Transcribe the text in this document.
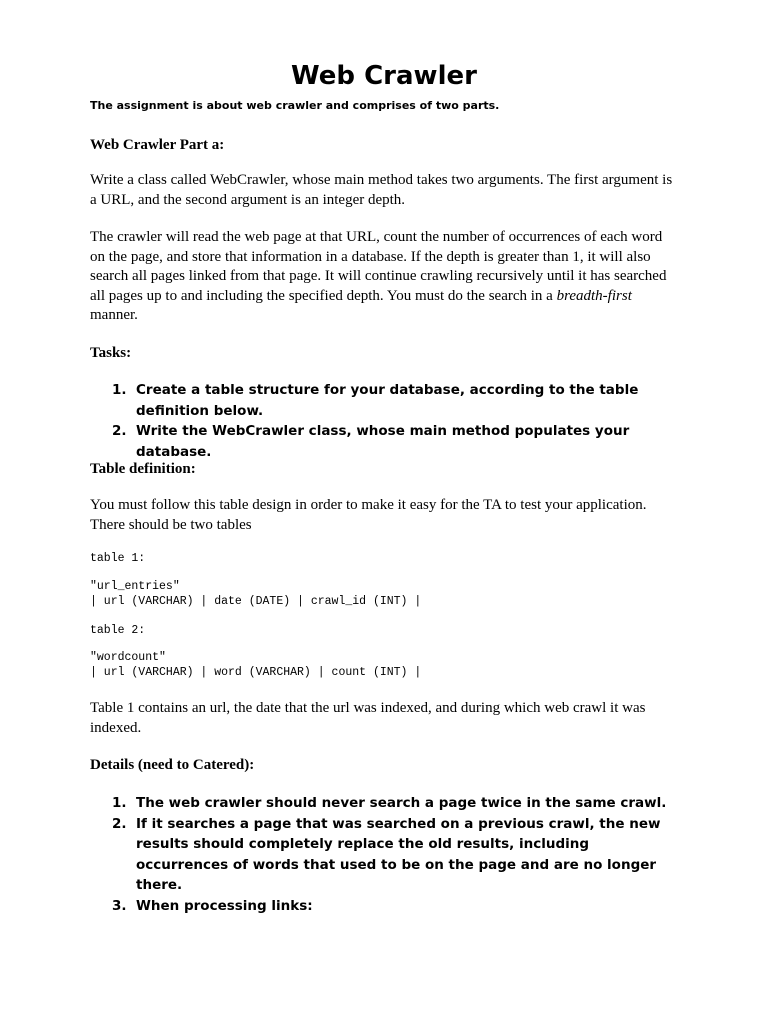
Web Crawler

The assignment is about web crawler and comprises of two parts.

Web Crawler Part a:

Write a class called WebCrawler, whose main method takes two arguments. The first argument is a URL, and the second argument is an integer depth.

The crawler will read the web page at that URL, count the number of occurrences of each word on the page, and store that information in a database. If the depth is greater than 1, it will also search all pages linked from that page. It will continue crawling recursively until it has searched all pages up to and including the specified depth. You must do the search in a breadth-first manner.

Tasks:
1. Create a table structure for your database, according to the table definition below.
2. Write the WebCrawler class, whose main method populates your database.
Table definition:

You must follow this table design in order to make it easy for the TA to test your application. There should be two tables

table 1:
"url_entries"
| url (VARCHAR) | date (DATE) | crawl_id (INT) |
table 2:
"wordcount"
| url (VARCHAR) | word (VARCHAR) | count (INT) |

Table 1 contains an url, the date that the url was indexed, and during which web crawl it was indexed.

Details (need to Catered):
1. The web crawler should never search a page twice in the same crawl.
2. If it searches a page that was searched on a previous crawl, the new results should completely replace the old results, including occurrences of words that used to be on the page and are no longer there.
3. When processing links:
